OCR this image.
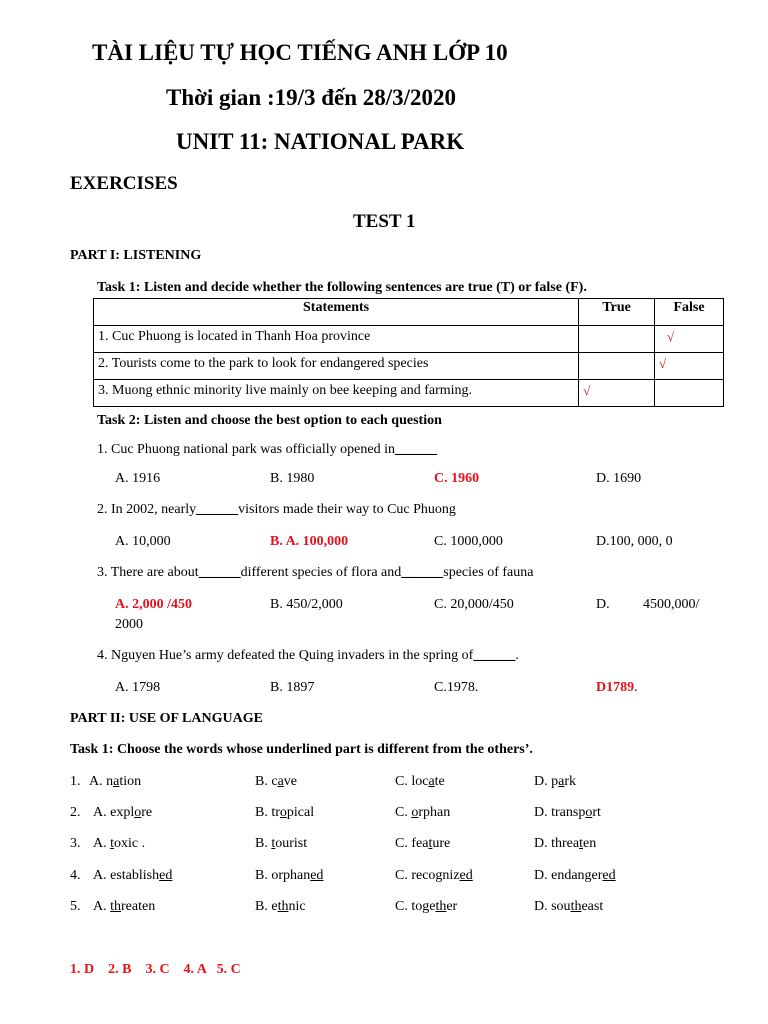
TÀI LIỆU TỰ HỌC TIẾNG ANH LỚP 10
Thời gian :19/3 đến 28/3/2020
UNIT 11: NATIONAL PARK
EXERCISES
TEST 1
PART I: LISTENING
Task 1: Listen and decide whether the following sentences are true (T) or false (F).
Statements	True	False
1. Cuc Phuong is located in Thanh Hoa province		√
2. Tourists come to the park to look for endangered species		√
3. Muong ethnic minority live mainly on bee keeping and farming.	√	
Task 2: Listen and choose the best option to each question
1. Cuc Phuong national park was officially opened in______
A. 1916	B. 1980	C. 1960	D. 1690
2. In 2002, nearly______visitors made their way to Cuc Phuong
A. 10,000	B. A. 100,000	C. 1000,000	D.100, 000, 0
3. There are about______different species of flora and______species of fauna
A. 2,000 /450	B. 450/2,000	C. 20,000/450	D. 4500,000/
2000
4. Nguyen Hue’s army defeated the Quing invaders in the spring of______.
A. 1798	B. 1897	C.1978.	D1789.
PART II: USE OF LANGUAGE
Task 1: Choose the words whose underlined part is different from the others’.
1. A. nation	B. cave	C. locate	D. park
2. A. explore	B. tropical	C. orphan	D. transport
3. A. toxic .	B. tourist	C. feature	D. threaten
4. A. established	B. orphaned	C. recognized	D. endangered
5. A. threaten	B. ethnic	C. together	D. southeast
1. D    2. B    3. C    4. A   5. C
